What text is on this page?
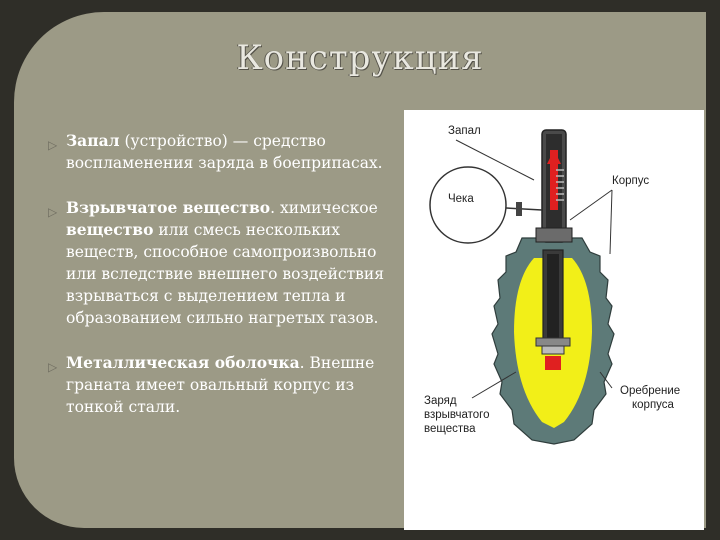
Конструкция
▷ Запал (устройство) — средство воспламенения заряда в боеприпасах.
▷ Взрывчатое вещество. химическое вещество или смесь нескольких веществ, способное самопроизвольно или вследствие внешнего воздействия взрываться с выделением тепла и образованием сильно нагретых газов.
▷ Металлическая оболочка. Внешне граната имеет овальный корпус из тонкой стали.
Запал
Чека
Корпус
Оребрение
корпуса
Заряд
взрывчатого
вещества
